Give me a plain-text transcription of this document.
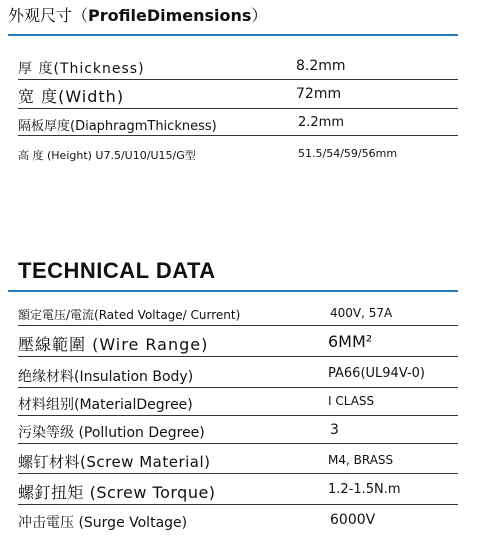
外观尺寸（ProfileDimensions）
厚 度(Thickness)	8.2mm
宽 度(Width)	72mm
隔板厚度(DiaphragmThickness)	2.2mm
高 度 (Height) U7.5/U10/U15/G型	51.5/54/59/56mm
TECHNICAL DATA
額定電压/電流(Rated Voltage/ Current)	400V, 57A
壓線範圍 (Wire Range)	6MM²
绝缘材料(Insulation Body)	PA66(UL94V-0)
材料组别(MaterialDegree)	I CLASS
污染等级 (Pollution Degree)	3
螺钉材料(Screw Material)	M4, BRASS
螺釘扭矩 (Screw Torque)	1.2-1.5N.m
冲击電压 (Surge Voltage)	6000V
